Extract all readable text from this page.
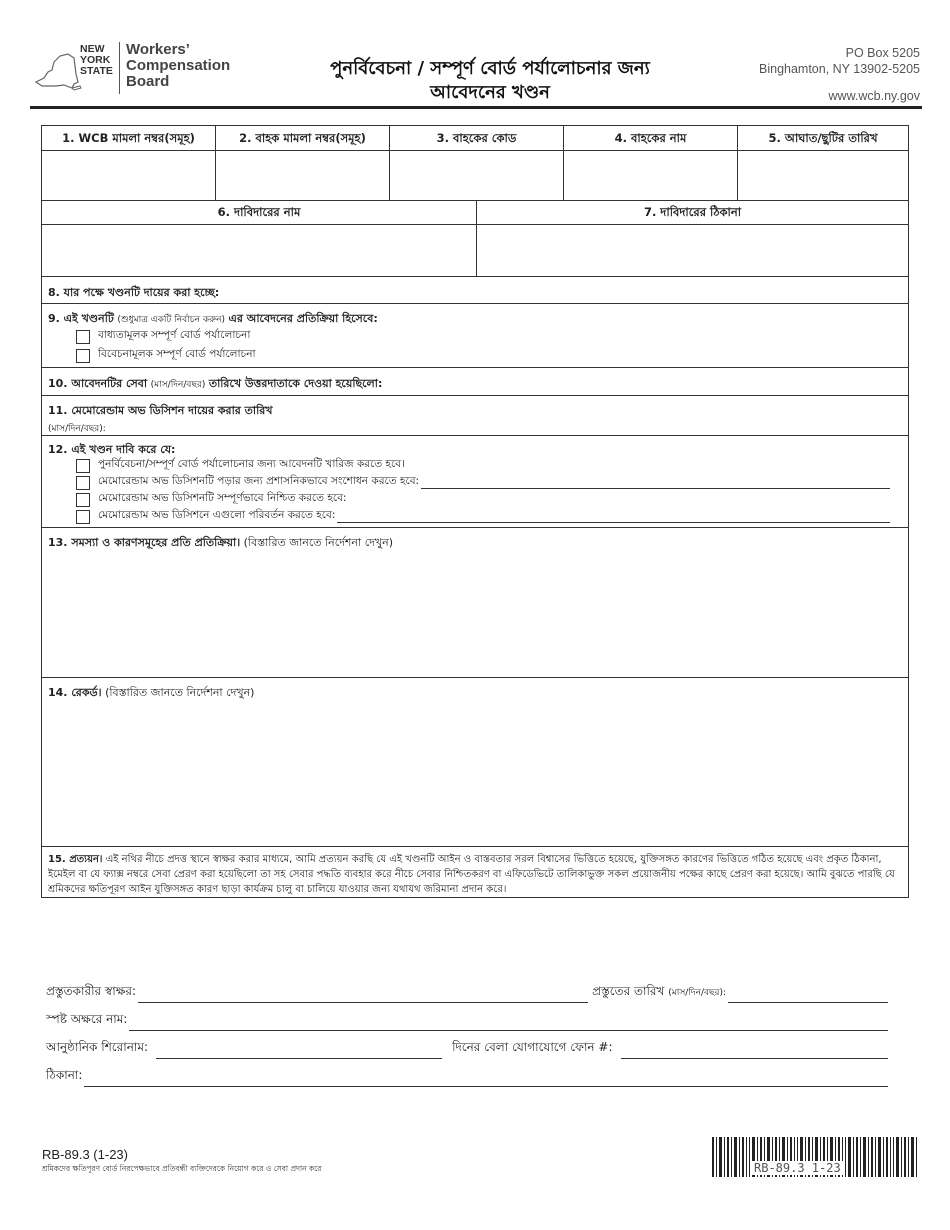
NEW
YORK
STATE
Workers’
Compensation
Board
পুনর্বিবেচনা / সম্পূর্ণ বোর্ড পর্যালোচনার জন্য
আবেদনের খণ্ডন
PO Box 5205
Binghamton, NY 13902-5205
www.wcb.ny.gov
1. WCB মামলা নম্বর(সমূহ)	2. বাহক মামলা নম্বর(সমূহ)	3. বাহকের কোড	4. বাহকের নাম	5. আঘাত/ছুটির তারিখ
6. দাবিদারের নাম	7. দাবিদারের ঠিকানা
8. যার পক্ষে খণ্ডনটি দায়ের করা হচ্ছে:
9. এই খণ্ডনটি (শুধুমাত্র একটি নির্বাচন করুন) এর আবেদনের প্রতিক্রিয়া হিসেবে:
বাধ্যতামূলক সম্পূর্ণ বোর্ড পর্যালোচনা
বিবেচনামূলক সম্পূর্ণ বোর্ড পর্যালোচনা
10. আবেদনটির সেবা (মাস/দিন/বছর) তারিখে উত্তরদাতাকে দেওয়া হয়েছিলো:
11. মেমোরেন্ডাম অভ ডিসিশন দায়ের করার তারিখ
(মাস/দিন/বছর):
12. এই খণ্ডন দাবি করে যে:
পুনর্বিবেচনা/সম্পূর্ণ বোর্ড পর্যালোচনার জন্য আবেদনটি খারিজ করতে হবে।
মেমোরেন্ডাম অভ ডিসিশনটি পড়ার জন্য প্রশাসনিকভাবে সংশোধন করতে হবে:
মেমোরেন্ডাম অভ ডিসিশনটি সম্পূর্ণভাবে নিশ্চিত করতে হবে:
মেমোরেন্ডাম অভ ডিসিশনে এগুলো পরিবর্তন করতে হবে:
13. সমস্যা ও কারণসমূহের প্রতি প্রতিক্রিয়া। (বিস্তারিত জানতে নির্দেশনা দেখুন)
14. রেকর্ড। (বিস্তারিত জানতে নির্দেশনা দেখুন)
15. প্রত্যয়ন। এই নথির নীচে প্রদত্ত স্থানে স্বাক্ষর করার মাধ্যমে, আমি প্রত্যয়ন করছি যে এই খণ্ডনটি আইন ও বাস্তবতার সরল বিশ্বাসের ভিত্তিতে হয়েছে, যুক্তিসঙ্গত কারণের ভিত্তিতে গঠিত হয়েছে এবং প্রকৃত ঠিকানা, ইমেইল বা যে ফ্যাক্স নম্বরে সেবা প্রেরণ করা হয়েছিলো তা সহ সেবার পদ্ধতি ব্যবহার করে নীচে সেবার নিশ্চিতকরণ বা এফিডেভিটে তালিকাভুক্ত সকল প্রয়োজনীয় পক্ষের কাছে প্রেরণ করা হয়েছে। আমি বুঝতে পারছি যে শ্রমিকদের ক্ষতিপূরণ আইন যুক্তিসঙ্গত কারণ ছাড়া কার্যক্রম চালু বা চালিয়ে যাওয়ার জন্য যথাযথ জরিমানা প্রদান করে।
প্রস্তুতকারীর স্বাক্ষর:	প্রস্তুতের তারিখ (মাস/দিন/বছর):
স্পষ্ট অক্ষরে নাম:
আনুষ্ঠানিক শিরোনাম:	দিনের বেলা যোগাযোগে ফোন #:
ঠিকানা:
RB-89.3 (1-23)
শ্রমিকদের ক্ষতিপূরণ বোর্ড নিরপেক্ষভাবে প্রতিবন্ধী ব্যক্তিদেরকে নিয়োগ করে ও সেবা প্রদান করে	RB-89.3 1-23
